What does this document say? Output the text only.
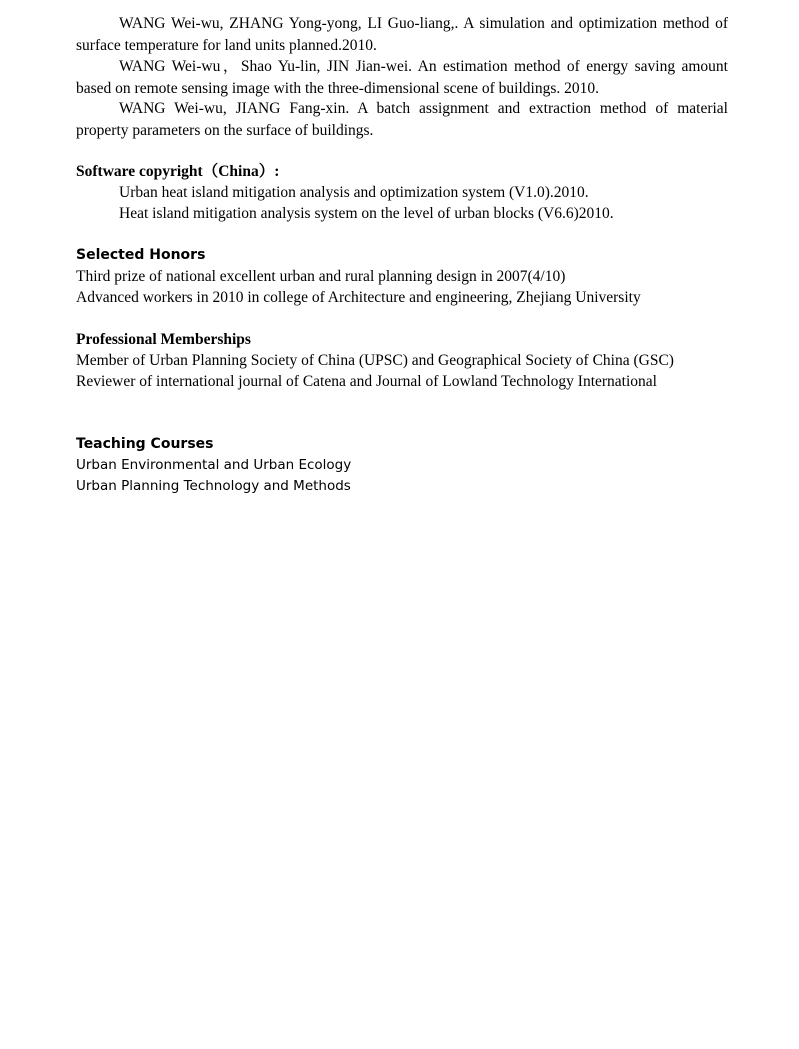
WANG Wei-wu, ZHANG Yong-yong, LI Guo-liang,. A simulation and optimization method of surface temperature for land units planned.2010.

WANG Wei-wu，Shao Yu-lin, JIN Jian-wei. An estimation method of energy saving amount based on remote sensing image with the three-dimensional scene of buildings. 2010.

WANG Wei-wu, JIANG Fang-xin. A batch assignment and extraction method of material property parameters on the surface of buildings.

Software copyright（China）:

Urban heat island mitigation analysis and optimization system (V1.0).2010.

Heat island mitigation analysis system on the level of urban blocks (V6.6)2010.

Selected Honors

Third prize of national excellent urban and rural planning design in 2007(4/10)

Advanced workers in 2010 in college of Architecture and engineering, Zhejiang University

Professional Memberships

Member of Urban Planning Society of China (UPSC) and Geographical Society of China (GSC)

Reviewer of international journal of Catena and Journal of Lowland Technology International

Teaching Courses

Urban Environmental and Urban Ecology

Urban Planning Technology and Methods
